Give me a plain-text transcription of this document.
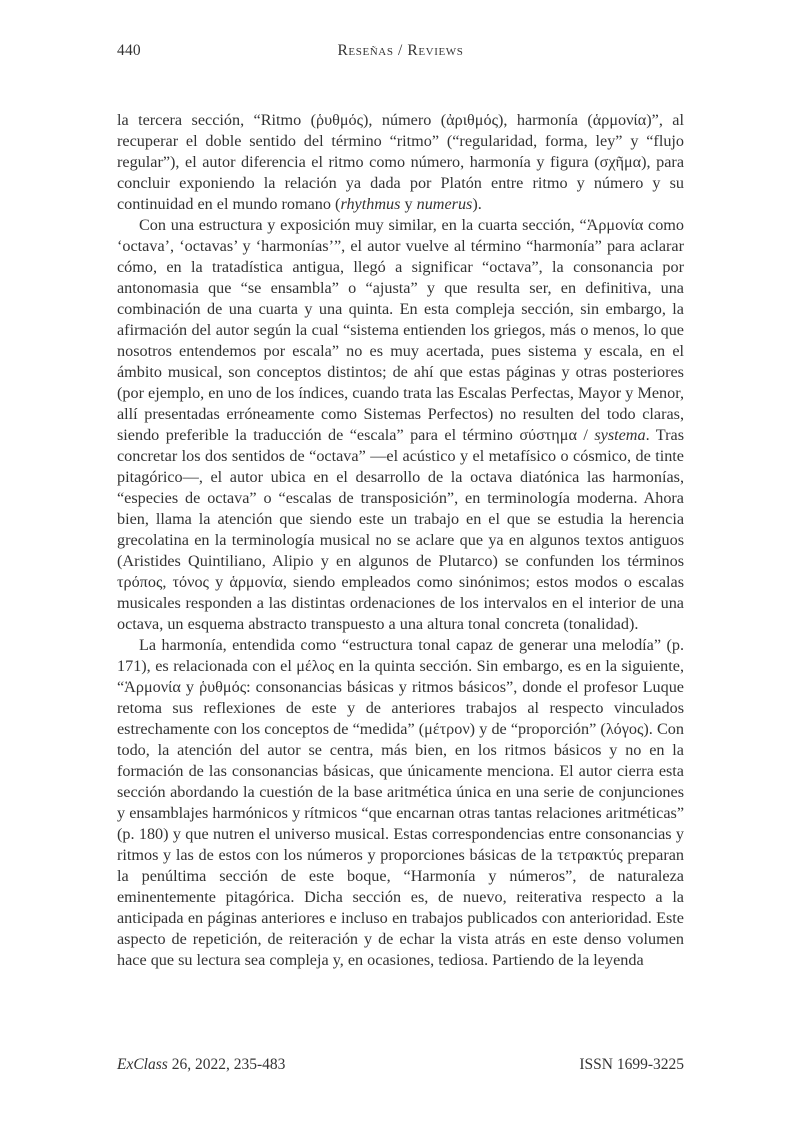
440	Reseñas / Reviews

la tercera sección, “Ritmo (ῥυθμός), número (ἀριθμός), harmonía (ἁρμονία)”, al recuperar el doble sentido del término “ritmo” (“regularidad, forma, ley” y “flujo regular”), el autor diferencia el ritmo como número, harmonía y figura (σχῆμα), para concluir exponiendo la relación ya dada por Platón entre ritmo y número y su continuidad en el mundo romano (rhythmus y numerus).

Con una estructura y exposición muy similar, en la cuarta sección, “Ἁρμονία como ‘octava’, ‘octavas’ y ‘harmonías’”, el autor vuelve al término “harmonía” para aclarar cómo, en la tratadística antigua, llegó a significar “octava”, la consonancia por antonomasia que “se ensambla” o “ajusta” y que resulta ser, en definitiva, una combinación de una cuarta y una quinta. En esta compleja sección, sin embargo, la afirmación del autor según la cual “sistema entienden los griegos, más o menos, lo que nosotros entendemos por escala” no es muy acertada, pues sistema y escala, en el ámbito musical, son conceptos distintos; de ahí que estas páginas y otras posteriores (por ejemplo, en uno de los índices, cuando trata las Escalas Perfectas, Mayor y Menor, allí presentadas erróneamente como Sistemas Perfectos) no resulten del todo claras, siendo preferible la traducción de “escala” para el término σύστημα / systema. Tras concretar los dos sentidos de “octava” —el acústico y el metafísico o cósmico, de tinte pitagórico—, el autor ubica en el desarrollo de la octava diatónica las harmonías, “especies de octava” o “escalas de transposición”, en terminología moderna. Ahora bien, llama la atención que siendo este un trabajo en el que se estudia la herencia grecolatina en la terminología musical no se aclare que ya en algunos textos antiguos (Aristides Quintiliano, Alipio y en algunos de Plutarco) se confunden los términos τρόπος, τόνος y ἁρμονία, siendo empleados como sinónimos; estos modos o escalas musicales responden a las distintas ordenaciones de los intervalos en el interior de una octava, un esquema abstracto transpuesto a una altura tonal concreta (tonalidad).

La harmonía, entendida como “estructura tonal capaz de generar una melodía” (p. 171), es relacionada con el μέλος en la quinta sección. Sin embargo, es en la siguiente, “Ἁρμονία y ῥυθμός: consonancias básicas y ritmos básicos”, donde el profesor Luque retoma sus reflexiones de este y de anteriores trabajos al respecto vinculados estrechamente con los conceptos de “medida” (μέτρον) y de “proporción” (λόγος). Con todo, la atención del autor se centra, más bien, en los ritmos básicos y no en la formación de las consonancias básicas, que únicamente menciona. El autor cierra esta sección abordando la cuestión de la base aritmética única en una serie de conjunciones y ensamblajes harmónicos y rítmicos “que encarnan otras tantas relaciones aritméticas” (p. 180) y que nutren el universo musical. Estas correspondencias entre consonancias y ritmos y las de estos con los números y proporciones básicas de la τετρακτύς preparan la penúltima sección de este boque, “Harmonía y números”, de naturaleza eminentemente pitagórica. Dicha sección es, de nuevo, reiterativa respecto a la anticipada en páginas anteriores e incluso en trabajos publicados con anterioridad. Este aspecto de repetición, de reiteración y de echar la vista atrás en este denso volumen hace que su lectura sea compleja y, en ocasiones, tediosa. Partiendo de la leyenda

ExClass 26, 2022, 235-483	ISSN 1699-3225
